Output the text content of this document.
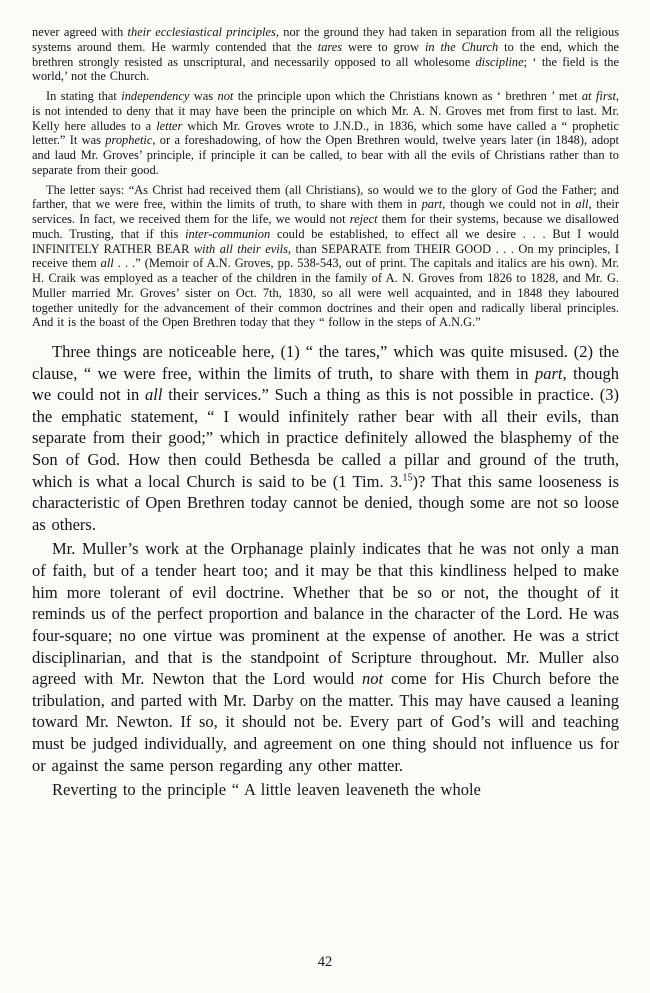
never agreed with their ecclesiastical principles, nor the ground they had taken in separation from all the religious systems around them. He warmly contended that the tares were to grow in the Church to the end, which the brethren strongly resisted as unscriptural, and necessarily opposed to all wholesome discipline; ‘ the field is the world,’ not the Church.

In stating that independency was not the principle upon which the Christians known as ‘ brethren ’ met at first, is not intended to deny that it may have been the principle on which Mr. A. N. Groves met from first to last. Mr. Kelly here alludes to a letter which Mr. Groves wrote to J.N.D., in 1836, which some have called a “ prophetic letter.” It was prophetic, or a foreshadowing, of how the Open Brethren would, twelve years later (in 1848), adopt and laud Mr. Groves’ principle, if principle it can be called, to bear with all the evils of Christians rather than to separate from their good.

The letter says: “As Christ had received them (all Christians), so would we to the glory of God the Father; and farther, that we were free, within the limits of truth, to share with them in part, though we could not in all, their services. In fact, we received them for the life, we would not reject them for their systems, because we disallowed much. Trusting, that if this inter-communion could be established, to effect all we desire . . . But I would INFINITELY RATHER BEAR with all their evils, than SEPARATE from THEIR GOOD . . . On my principles, I receive them all . . .” (Memoir of A.N. Groves, pp. 538-543, out of print. The capitals and italics are his own). Mr. H. Craik was employed as a teacher of the children in the family of A. N. Groves from 1826 to 1828, and Mr. G. Muller married Mr. Groves’ sister on Oct. 7th, 1830, so all were well acquainted, and in 1848 they laboured together unitedly for the advancement of their common doctrines and their open and radically liberal principles. And it is the boast of the Open Brethren today that they “ follow in the steps of A.N.G.”

Three things are noticeable here, (1) “ the tares,” which was quite misused. (2) the clause, “ we were free, within the limits of truth, to share with them in part, though we could not in all their services.” Such a thing as this is not possible in practice. (3) the emphatic statement, “ I would infinitely rather bear with all their evils, than separate from their good;” which in practice definitely allowed the blasphemy of the Son of God. How then could Bethesda be called a pillar and ground of the truth, which is what a local Church is said to be (1 Tim. 3.15)? That this same looseness is characteristic of Open Brethren today cannot be denied, though some are not so loose as others.

Mr. Muller’s work at the Orphanage plainly indicates that he was not only a man of faith, but of a tender heart too; and it may be that this kindliness helped to make him more tolerant of evil doctrine. Whether that be so or not, the thought of it reminds us of the perfect proportion and balance in the character of the Lord. He was four-square; no one virtue was prominent at the expense of another. He was a strict disciplinarian, and that is the standpoint of Scripture throughout. Mr. Muller also agreed with Mr. Newton that the Lord would not come for His Church before the tribulation, and parted with Mr. Darby on the matter. This may have caused a leaning toward Mr. Newton. If so, it should not be. Every part of God’s will and teaching must be judged individually, and agreement on one thing should not influence us for or against the same person regarding any other matter.

Reverting to the principle “ A little leaven leaveneth the whole

42
